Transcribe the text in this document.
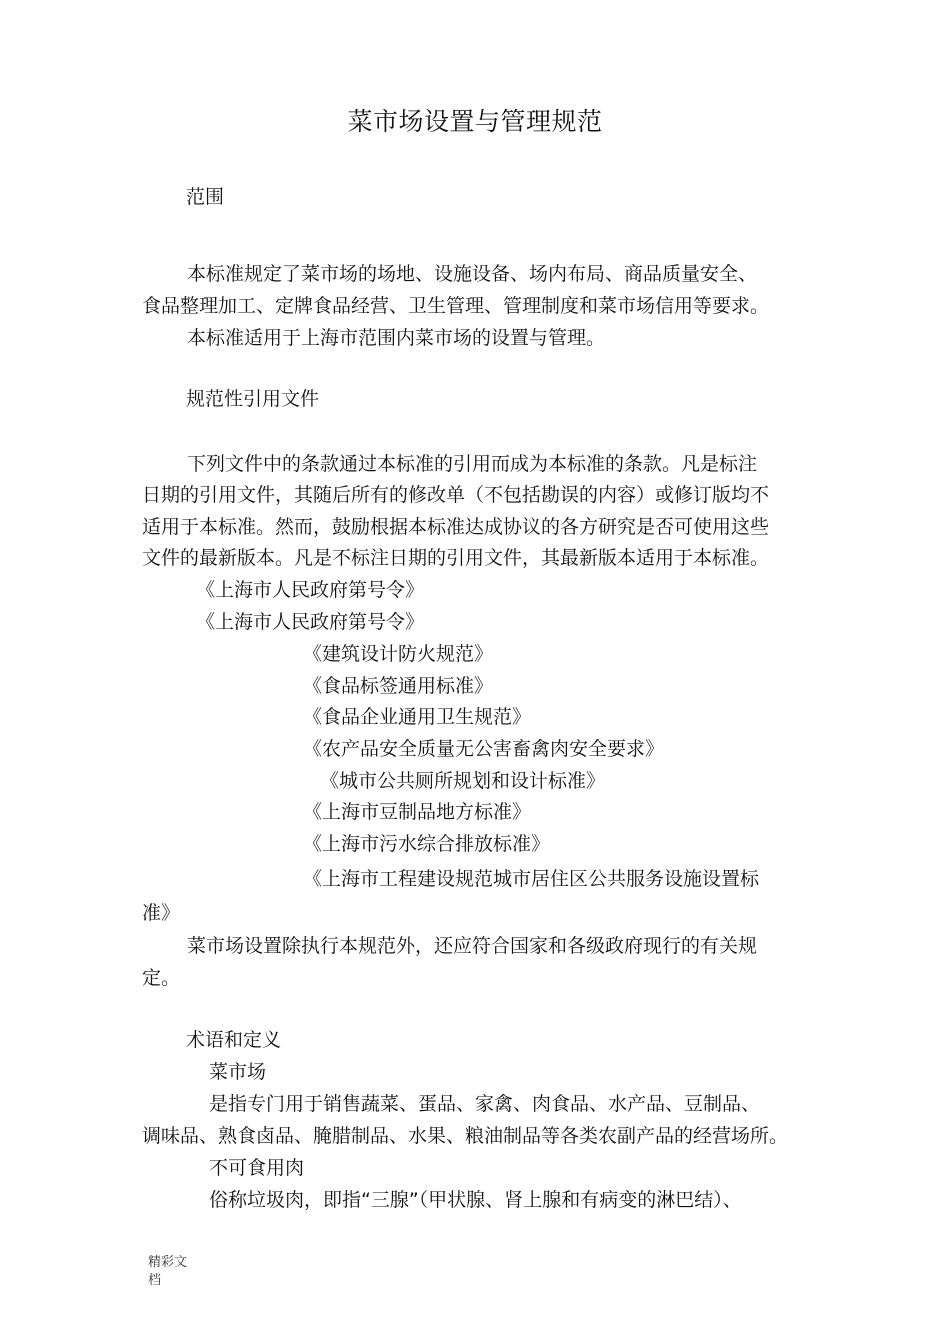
菜市场设置与管理规范
范围
本标准规定了菜市场的场地、设施设备、场内布局、商品质量安全、
食品整理加工、定牌食品经营、卫生管理、管理制度和菜市场信用等要求。
本标准适用于上海市范围内菜市场的设置与管理。
规范性引用文件
下列文件中的条款通过本标准的引用而成为本标准的条款。凡是标注
日期的引用文件，其随后所有的修改单（不包括勘误的内容）或修订版均不
适用于本标准。然而，鼓励根据本标准达成协议的各方研究是否可使用这些
文件的最新版本。凡是不标注日期的引用文件，其最新版本适用于本标准。
《上海市人民政府第号令》
《上海市人民政府第号令》
《建筑设计防火规范》
《食品标签通用标准》
《食品企业通用卫生规范》
《农产品安全质量无公害畜禽肉安全要求》
《城市公共厕所规划和设计标准》
《上海市豆制品地方标准》
《上海市污水综合排放标准》
《上海市工程建设规范城市居住区公共服务设施设置标
准》
菜市场设置除执行本规范外，还应符合国家和各级政府现行的有关规
定。
术语和定义
菜市场
是指专门用于销售蔬菜、蛋品、家禽、肉食品、水产品、豆制品、
调味品、熟食卤品、腌腊制品、水果、粮油制品等各类农副产品的经营场所。
不可食用肉
俗称垃圾肉，即指“三腺”（甲状腺、肾上腺和有病变的淋巴结）、
精彩文
档
